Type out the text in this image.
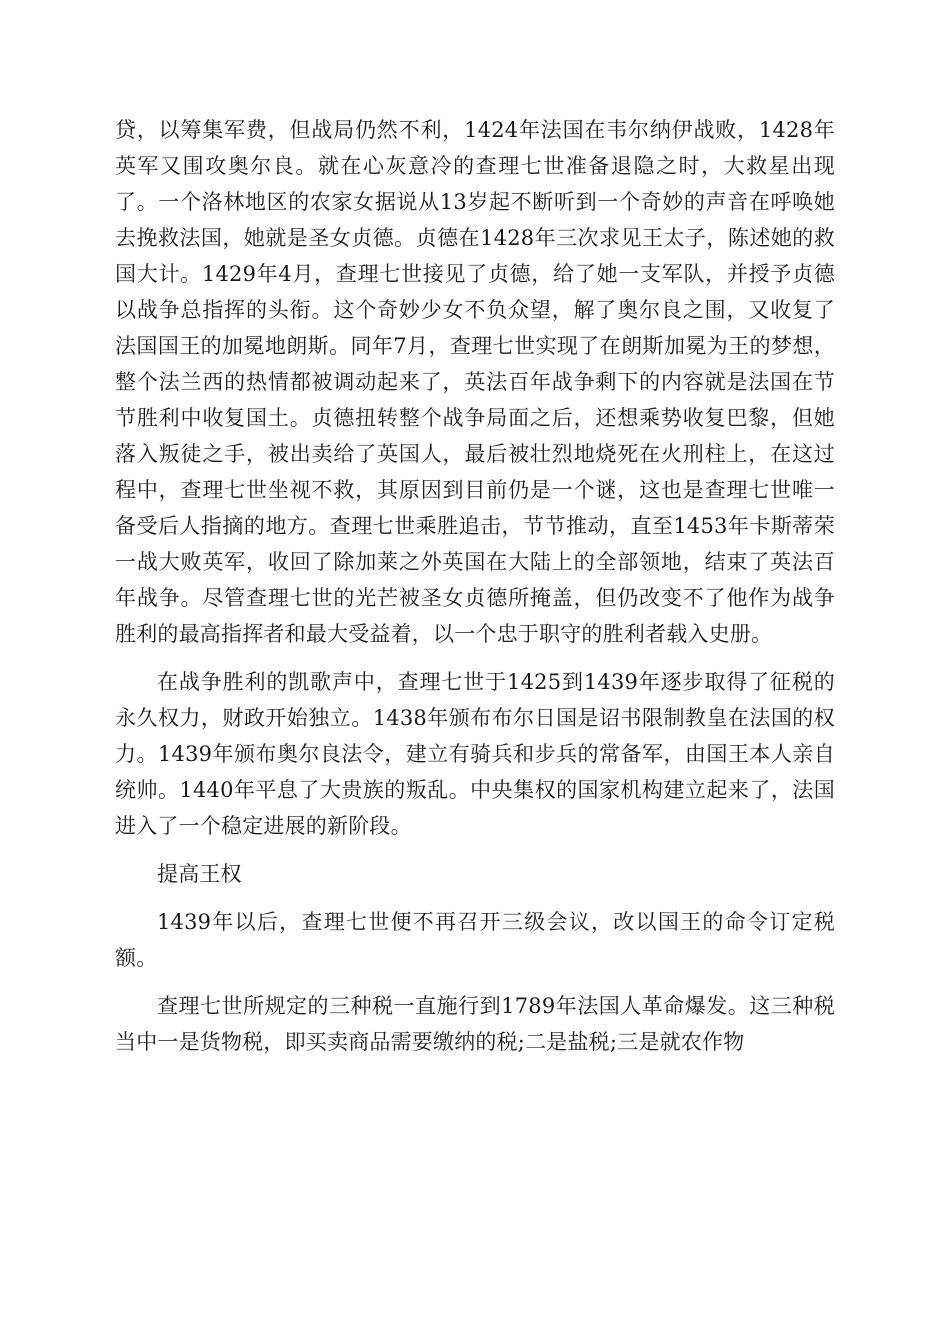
贷，以筹集军费，但战局仍然不利，1424年法国在韦尔纳伊战败，1428年英军又围攻奥尔良。就在心灰意冷的查理七世准备退隐之时，大救星出现了。一个洛林地区的农家女据说从13岁起不断听到一个奇妙的声音在呼唤她去挽救法国，她就是圣女贞德。贞德在1428年三次求见王太子，陈述她的救国大计。1429年4月，查理七世接见了贞德，给了她一支军队，并授予贞德以战争总指挥的头衔。这个奇妙少女不负众望，解了奥尔良之围，又收复了法国国王的加冕地朗斯。同年7月，查理七世实现了在朗斯加冕为王的梦想，整个法兰西的热情都被调动起来了，英法百年战争剩下的内容就是法国在节节胜利中收复国土。贞德扭转整个战争局面之后，还想乘势收复巴黎，但她落入叛徒之手，被出卖给了英国人，最后被壮烈地烧死在火刑柱上，在这过程中，查理七世坐视不救，其原因到目前仍是一个谜，这也是查理七世唯一备受后人指摘的地方。查理七世乘胜追击，节节推动，直至1453年卡斯蒂荣一战大败英军，收回了除加莱之外英国在大陆上的全部领地，结束了英法百年战争。尽管查理七世的光芒被圣女贞德所掩盖，但仍改变不了他作为战争胜利的最高指挥者和最大受益着，以一个忠于职守的胜利者载入史册。

在战争胜利的凯歌声中，查理七世于1425到1439年逐步取得了征税的永久权力，财政开始独立。1438年颁布布尔日国是诏书限制教皇在法国的权力。1439年颁布奥尔良法令，建立有骑兵和步兵的常备军，由国王本人亲自统帅。1440年平息了大贵族的叛乱。中央集权的国家机构建立起来了，法国进入了一个稳定进展的新阶段。

提高王权

1439年以后，查理七世便不再召开三级会议，改以国王的命令订定税额。

查理七世所规定的三种税一直施行到1789年法国人革命爆发。这三种税当中一是货物税，即买卖商品需要缴纳的税;二是盐税;三是就农作物
